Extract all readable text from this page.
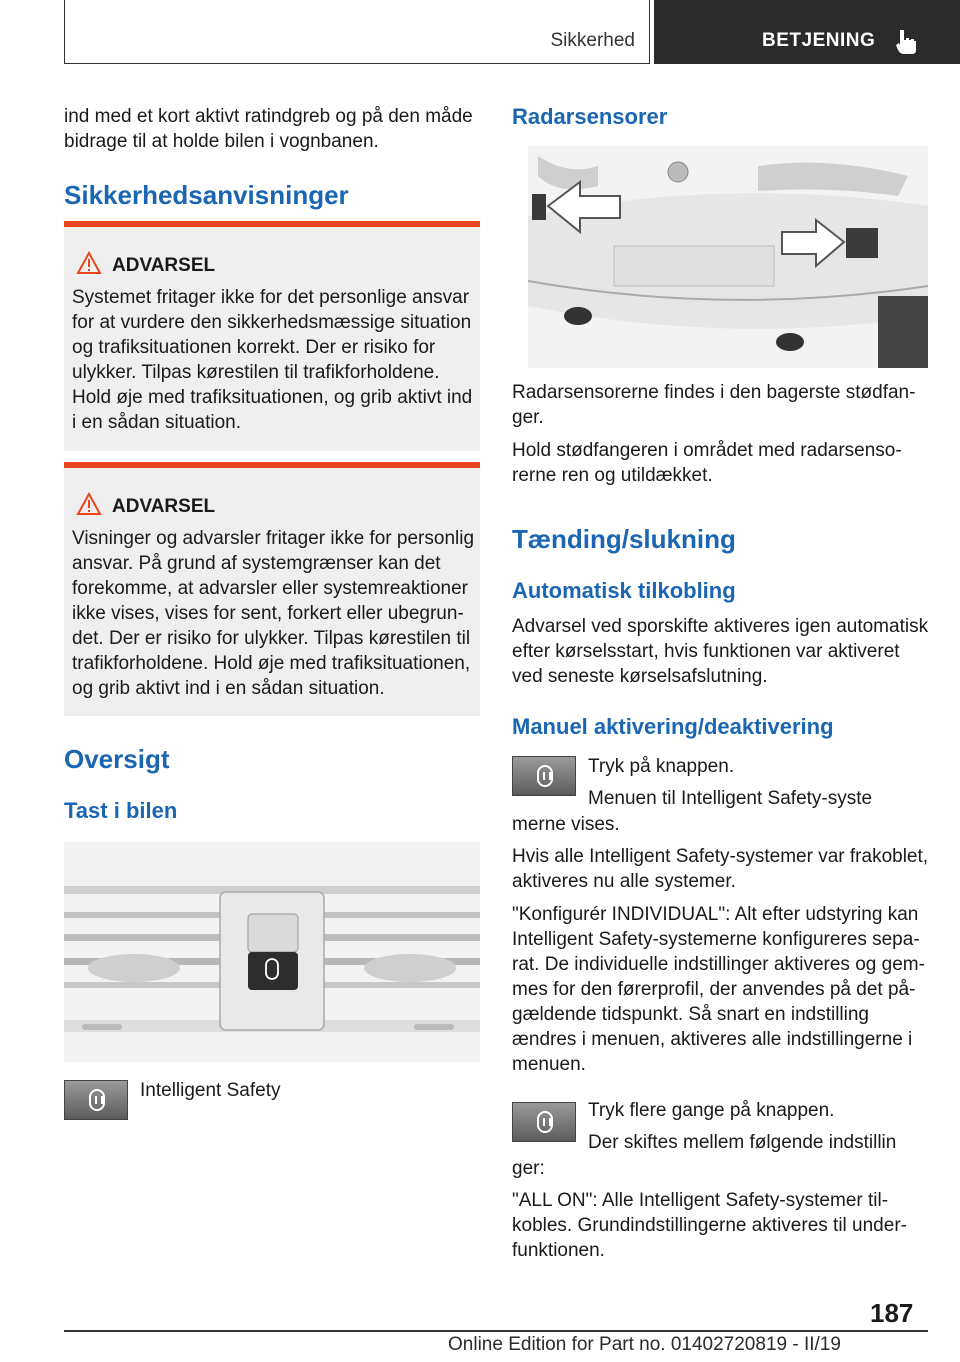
Sikkerhed	BETJENING

ind med et kort aktivt ratindgreb og på den måde bidrage til at holde bilen i vognbanen.

Sikkerhedsanvisninger
ADVARSEL

Systemet fritager ikke for det personlige ansvar for at vurdere den sikkerhedsmæssige situation og trafiksituationen korrekt. Der er risiko for ulykker. Tilpas kørestilen til trafikforholdene. Hold øje med trafiksituationen, og grib aktivt ind i en sådan situation.

ADVARSEL

Visninger og advarsler fritager ikke for personlig ansvar. På grund af systemgrænser kan det forekomme, at advarsler eller systemreaktioner ikke vises, vises for sent, forkert eller ubegrundet. Der er risiko for ulykker. Tilpas kørestilen til trafikforholdene. Hold øje med trafiksituationen, og grib aktivt ind i en sådan situation.

Oversigt
Tast i bilen
Intelligent Safety
Radarsensorer

Radarsensorerne findes i den bagerste stødfanger.

Hold stødfangeren i området med radarsensorerne ren og utildækket.

Tænding/slukning
Automatisk tilkobling

Advarsel ved sporskifte aktiveres igen automatisk efter kørselsstart, hvis funktionen var aktiveret ved seneste kørselsafslutning.

Manuel aktivering/deaktivering
Tryk på knappen.
Menuen til Intelligent Safety-syste
merne vises.

Hvis alle Intelligent Safety-systemer var frakoblet, aktiveres nu alle systemer.

"Konfigurér INDIVIDUAL": Alt efter udstyring kan Intelligent Safety-systemerne konfigureres separat. De individuelle indstillinger aktiveres og gemmes for den førerprofil, der anvendes på det pågældende tidspunkt. Så snart en indstilling ændres i menuen, aktiveres alle indstillingerne i menuen.

Tryk flere gange på knappen.
Der skiftes mellem følgende indstillin
ger:

"ALL ON": Alle Intelligent Safety-systemer tilkobles. Grundindstillingerne aktiveres til underfunktionen.

187
Online Edition for Part no. 01402720819 - II/19
